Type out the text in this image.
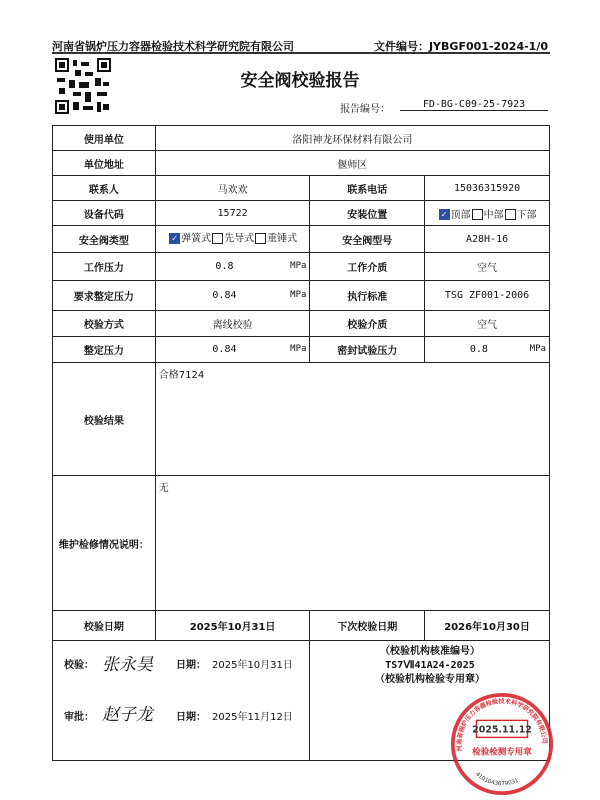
河南省锅炉压力容器检验技术科学研究院有限公司	文件编号：JYBGF001-2024-1/0
安全阀校验报告
报告编号：	FD-BG-C09-25-7923
使用单位	洛阳神龙环保材料有限公司		
单位地址	偃师区		
联系人	马欢欢	联系电话	15036315920
设备代码	15722	安装位置	✓ 顶部 中部 下部
安全阀类型	✓ 弹簧式 先导式 重锤式	安全阀型号	A28H-16
工作压力	0.8 MPa	工作介质	空气
要求整定压力	0.84 MPa	执行标准	TSG ZF001-2006
校验方式	离线校验	校验介质	空气
整定压力	0.84 MPa	密封试验压力	0.8 MPa

校验结果	合格7124		
维护检修情况说明：	无		
校验日期	2025年10月31日	下次校验日期	2026年10月30日

校验： 张永昊 日期： 2025年10月31日
审批： 赵子龙 日期： 2025年11月12日
（校验机构核准编号）
TS7Ⅶ41A24-2025
（校验机构检验专用章）
河南省锅炉压力容器检验技术科学研究院有限公司
2025.11.12
检验检测专用章
4101043679031
